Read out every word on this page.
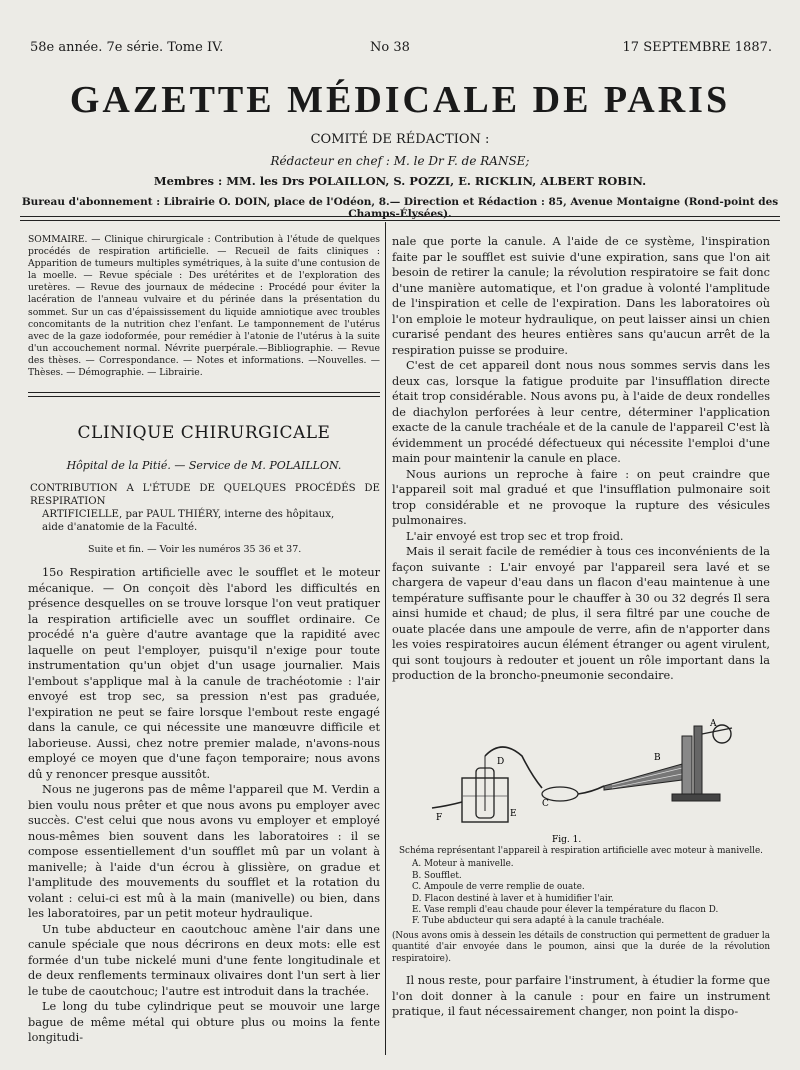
58e année. 7e série. Tome IV.	No 38	17 SEPTEMBRE 1887.
GAZETTE MÉDICALE DE PARIS
COMITÉ DE RÉDACTION :
Rédacteur en chef : M. le Dr F. de RANSE;
Membres : MM. les Drs POLAILLON, S. POZZI, E. RICKLIN, ALBERT ROBIN.
Bureau d'abonnement : Librairie O. DOIN, place de l'Odéon, 8.— Direction et Rédaction : 85, Avenue Montaigne (Rond-point des Champs-Élysées).
SOMMAIRE. — Clinique chirurgicale : Contribution à l'étude de quelques procédés de respiration artificielle. — Recueil de faits cliniques : Apparition de tumeurs multiples symétriques, à la suite d'une contusion de la moelle. — Revue spéciale : Des urétérites et de l'exploration des uretères. — Revue des journaux de médecine : Procédé pour éviter la lacération de l'anneau vulvaire et du périnée dans la présentation du sommet. Sur un cas d'épaississement du liquide amniotique avec troubles concomitants de la nutrition chez l'enfant. Le tamponnement de l'utérus avec de la gaze iodoformée, pour remédier à l'atonie de l'utérus à la suite d'un accouchement normal. Névrite puerpérale.—Bibliographie. — Revue des thèses. — Correspondance. — Notes et informations. —Nouvelles. — Thèses. — Démographie. — Librairie.
CLINIQUE CHIRURGICALE
Hôpital de la Pitié. — Service de M. POLAILLON.
CONTRIBUTION A L'ÉTUDE DE QUELQUES PROCÉDÉS DE RESPIRATION
ARTIFICIELLE, par PAUL THIÉRY, interne des hôpitaux,
aide d'anatomie de la Faculté.
Suite et fin. — Voir les numéros 35 36 et 37.

15o Respiration artificielle avec le soufflet et le moteur mécanique. — On conçoit dès l'abord les difficultés en présence desquelles on se trouve lorsque l'on veut pratiquer la respiration artificielle avec un soufflet ordinaire. Ce procédé n'a guère d'autre avantage que la rapidité avec laquelle on peut l'employer, puisqu'il n'exige pour toute instrumentation qu'un objet d'un usage journalier. Mais l'embout s'applique mal à la canule de trachéotomie : l'air envoyé est trop sec, sa pression n'est pas graduée, l'expiration ne peut se faire lorsque l'embout reste engagé dans la canule, ce qui nécessite une manœuvre difficile et laborieuse. Aussi, chez notre premier malade, n'avons-nous employé ce moyen que d'une façon temporaire; nous avons dû y renoncer presque aussitôt.

Nous ne jugerons pas de même l'appareil que M. Verdin a bien voulu nous prêter et que nous avons pu employer avec succès. C'est celui que nous avons vu employer et employé nous-mêmes bien souvent dans les laboratoires : il se compose essentiellement d'un soufflet mû par un volant à manivelle; à l'aide d'un écrou à glissière, on gradue et l'amplitude des mouvements du soufflet et la rotation du volant : celui-ci est mû à la main (manivelle) ou bien, dans les laboratoires, par un petit moteur hydraulique.

Un tube abducteur en caoutchouc amène l'air dans une canule spéciale que nous décrirons en deux mots: elle est formée d'un tube nickelé muni d'une fente longitudinale et de deux renflements terminaux olivaires dont l'un sert à lier le tube de caoutchouc; l'autre est introduit dans la trachée.

Le long du tube cylindrique peut se mouvoir une large bague de même métal qui obture plus ou moins la fente longitudi-

nale que porte la canule. A l'aide de ce système, l'inspiration faite par le soufflet est suivie d'une expiration, sans que l'on ait besoin de retirer la canule; la révolution respiratoire se fait donc d'une manière automatique, et l'on gradue à volonté l'amplitude de l'inspiration et celle de l'expiration. Dans les laboratoires où l'on emploie le moteur hydraulique, on peut laisser ainsi un chien curarisé pendant des heures entières sans qu'aucun arrêt de la respiration puisse se produire.

C'est de cet appareil dont nous nous sommes servis dans les deux cas, lorsque la fatigue produite par l'insufflation directe était trop considérable. Nous avons pu, à l'aide de deux rondelles de diachylon perforées à leur centre, déterminer l'application exacte de la canule trachéale et de la canule de l'appareil C'est là évidemment un procédé défectueux qui nécessite l'emploi d'une main pour maintenir la canule en place.

Nous aurions un reproche à faire : on peut craindre que l'appareil soit mal gradué et que l'insufflation pulmonaire soit trop considérable et ne provoque la rupture des vésicules pulmonaires.

L'air envoyé est trop sec et trop froid.

Mais il serait facile de remédier à tous ces inconvénients de la façon suivante : L'air envoyé par l'appareil sera lavé et se chargera de vapeur d'eau dans un flacon d'eau maintenue à une température suffisante pour le chauffer à 30 ou 32 degrés Il sera ainsi humide et chaud; de plus, il sera filtré par une couche de ouate placée dans une ampoule de verre, afin de n'apporter dans les voies respiratoires aucun élément étranger ou agent virulent, qui sont toujours à redouter et jouent un rôle important dans la production de la broncho-pneumonie secondaire.

A
B
C
D
E
F
Fig. 1.
Schéma représentant l'appareil à respiration artificielle avec moteur à manivelle.
A. Moteur à manivelle.
B. Soufflet.
C. Ampoule de verre remplie de ouate.
D. Flacon destiné à laver et à humidifier l'air.
E. Vase rempli d'eau chaude pour élever la température du flacon D.
F. Tube abducteur qui sera adapté à la canule trachéale.
(Nous avons omis à dessein les détails de construction qui permettent de graduer la quantité d'air envoyée dans le poumon, ainsi que la durée de la révolution respiratoire).

Il nous reste, pour parfaire l'instrument, à étudier la forme que l'on doit donner à la canule : pour en faire un instrument pratique, il faut nécessairement changer, non point la dispo-
